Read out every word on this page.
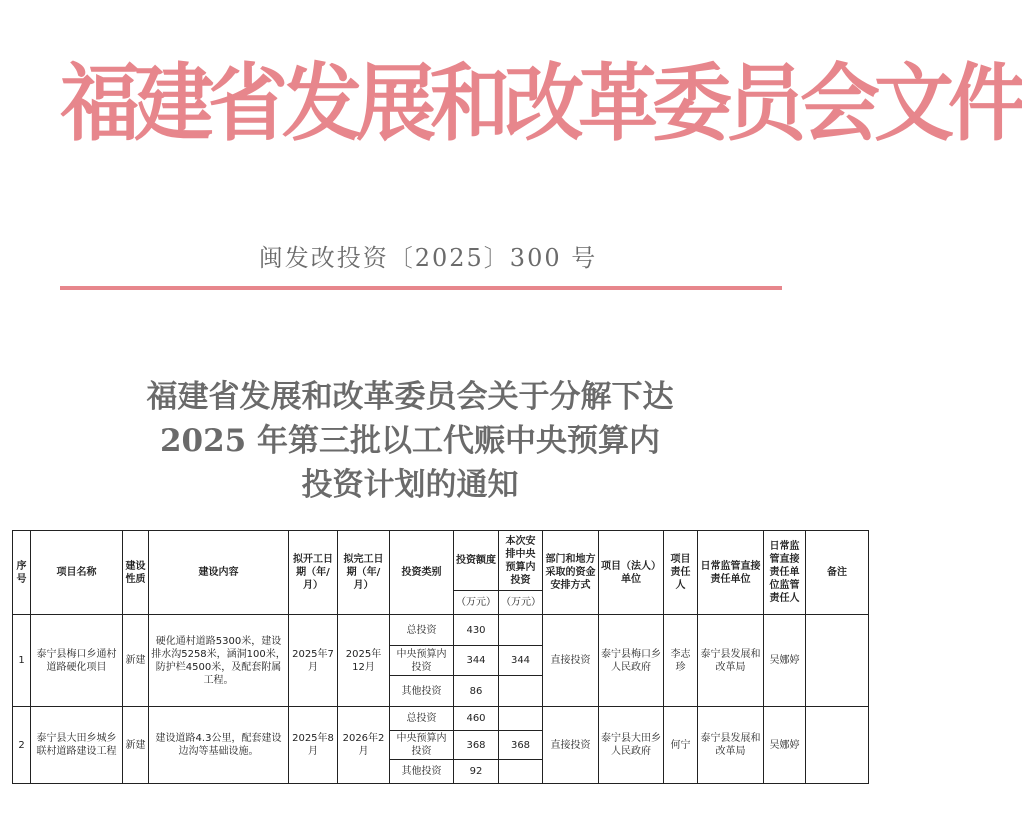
福建省发展和改革委员会文件
闽发改投资〔2025〕300 号
福建省发展和改革委员会关于分解下达
2025 年第三批以工代赈中央预算内
投资计划的通知
序号	项目名称	建设性质	建设内容	拟开工日期（年/月）	拟完工日期（年/月）	投资类别	投资额度	本次安排中央预算内投资	部门和地方采取的资金安排方式	项目（法人）单位	项目责任人	日常监管直接责任单位	日常监管直接责任单位监管责任人	备注
							（万元）	（万元）						
1	泰宁县梅口乡通村道路硬化项目	新建	硬化通村道路5300米，建设排水沟5258米，涵洞100米，防护栏4500米，及配套附属工程。	2025年7月	2025年12月	总投资	430		直接投资	泰宁县梅口乡人民政府	李志珍	泰宁县发展和改革局	吴娜婷	
						中央预算内投资	344	344						
						其他投资	86							
2	泰宁县大田乡城乡联村道路建设工程	新建	建设道路4.3公里，配套建设边沟等基础设施。	2025年8月	2026年2月	总投资	460		直接投资	泰宁县大田乡人民政府	何宁	泰宁县发展和改革局	吴娜婷	
						中央预算内投资	368	368						
						其他投资	92							
